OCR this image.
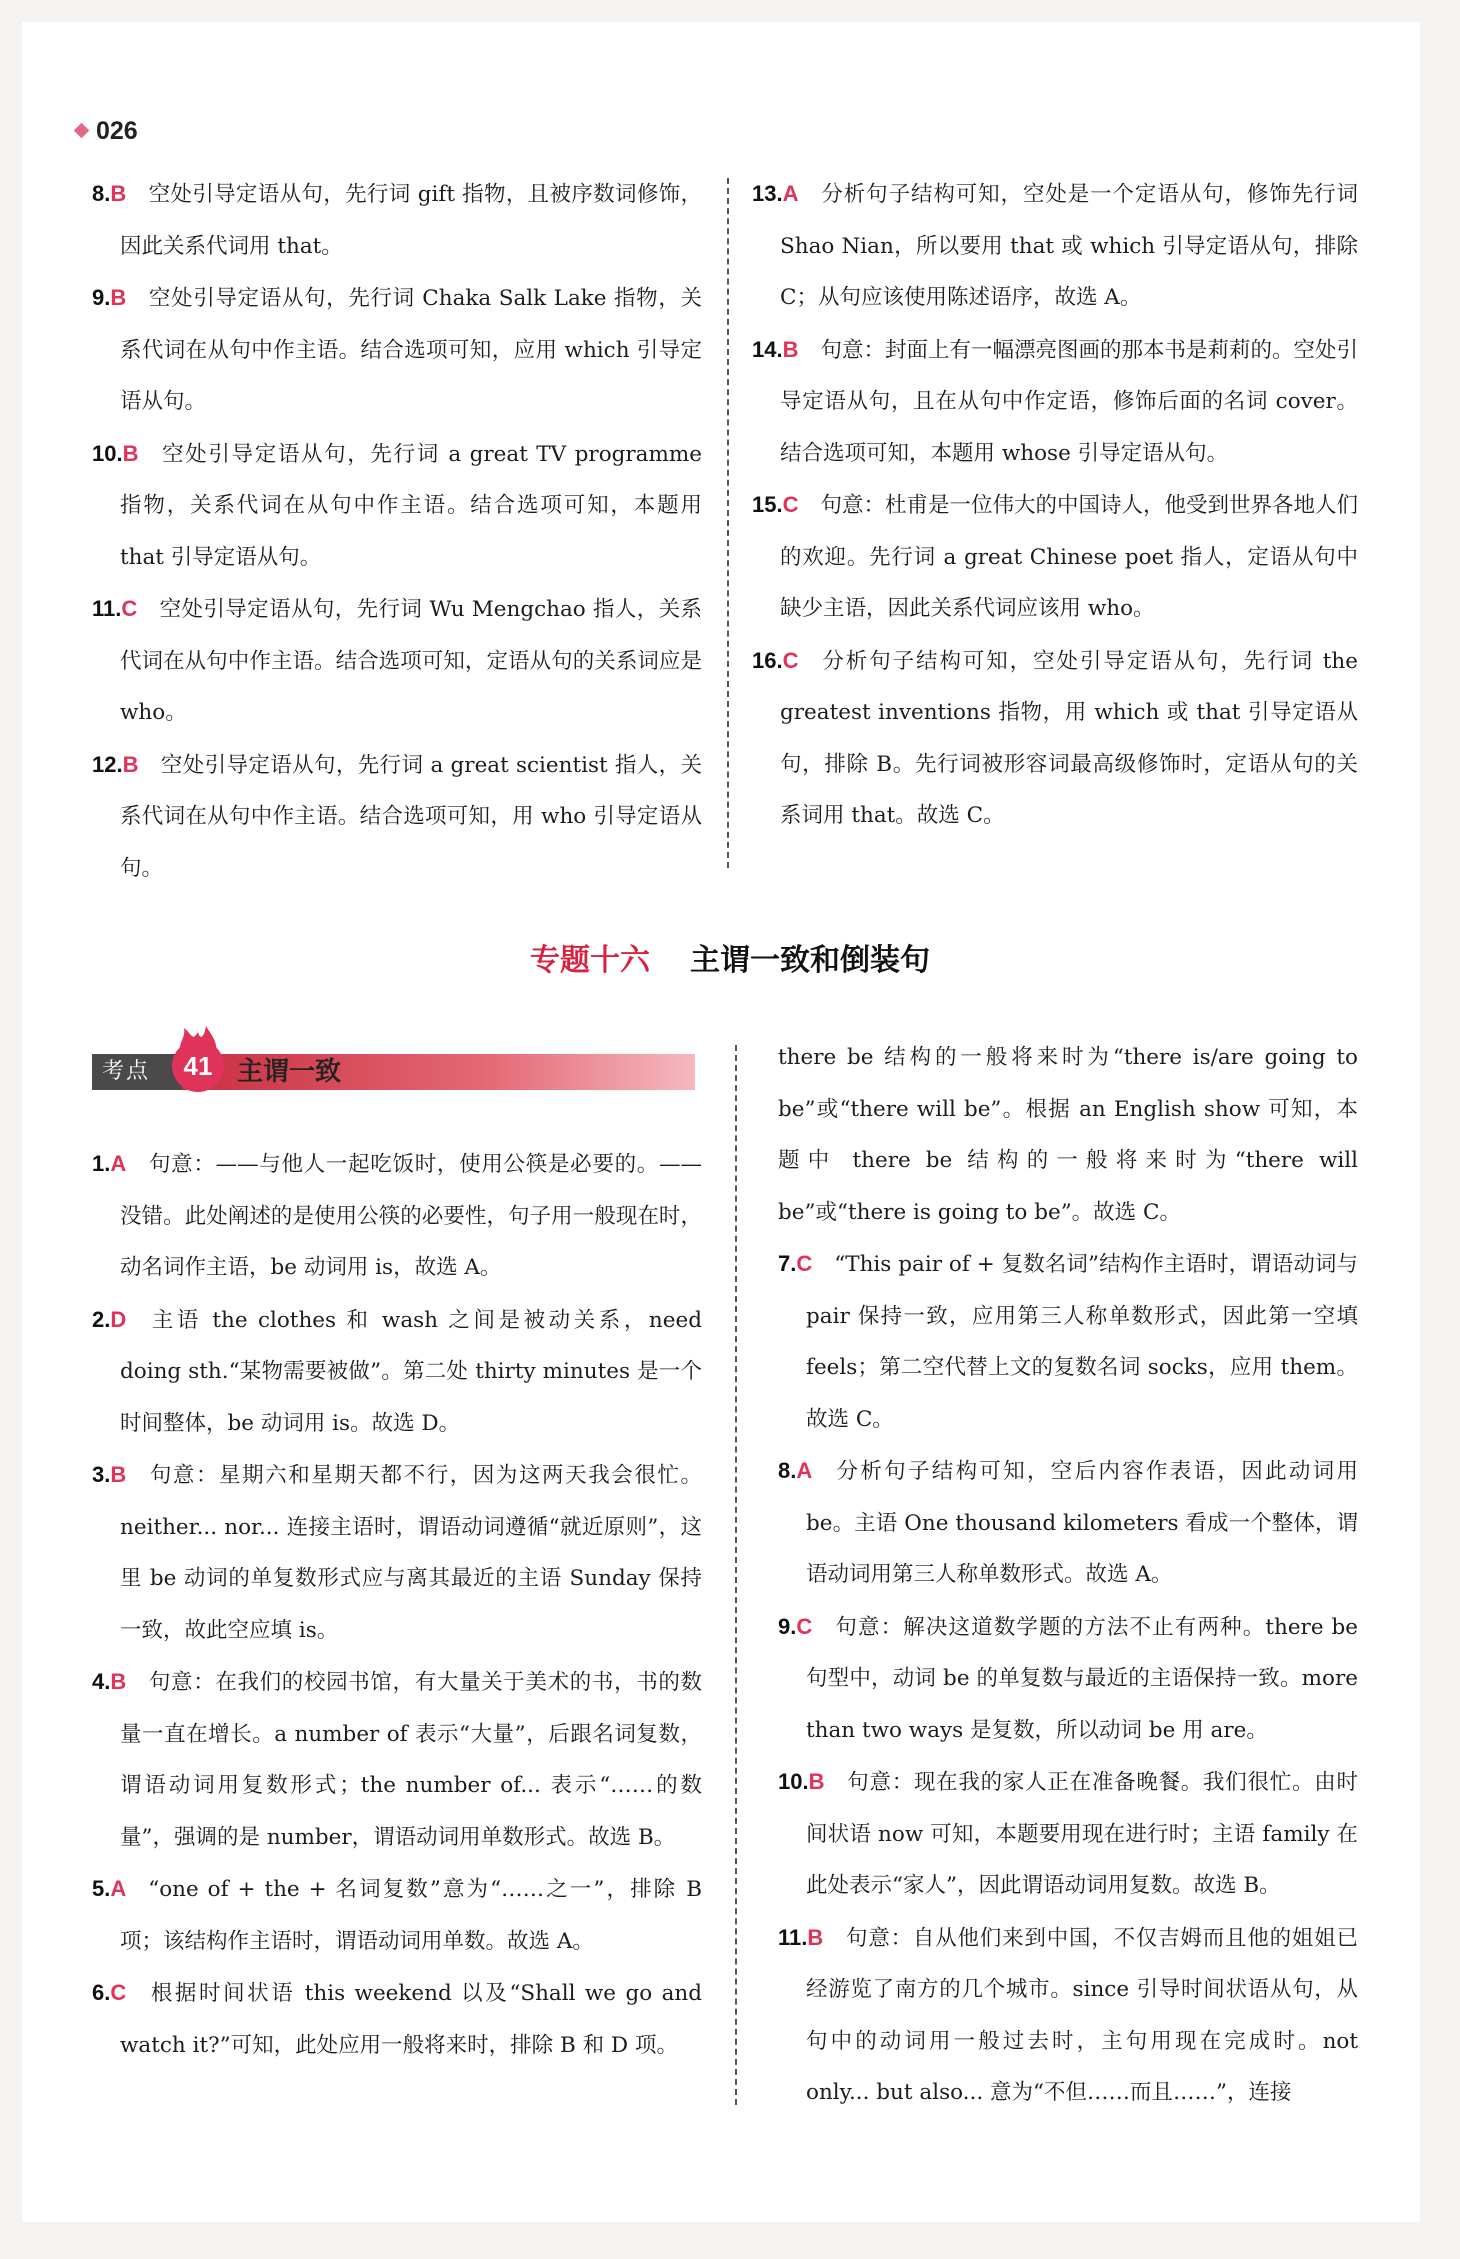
026

8.B 空处引导定语从句，先行词 gift 指物，且被序数词修饰，因此关系代词用 that。

9.B 空处引导定语从句，先行词 Chaka Salk Lake 指物，关系代词在从句中作主语。结合选项可知，应用 which 引导定语从句。

10.B 空处引导定语从句，先行词 a great TV programme 指物，关系代词在从句中作主语。结合选项可知，本题用 that 引导定语从句。

11.C 空处引导定语从句，先行词 Wu Mengchao 指人，关系代词在从句中作主语。结合选项可知，定语从句的关系词应是 who。

12.B 空处引导定语从句，先行词 a great scientist 指人，关系代词在从句中作主语。结合选项可知，用 who 引导定语从句。

13.A 分析句子结构可知，空处是一个定语从句，修饰先行词 Shao Nian，所以要用 that 或 which 引导定语从句，排除 C；从句应该使用陈述语序，故选 A。

14.B 句意：封面上有一幅漂亮图画的那本书是莉莉的。空处引导定语从句，且在从句中作定语，修饰后面的名词 cover。结合选项可知，本题用 whose 引导定语从句。

15.C 句意：杜甫是一位伟大的中国诗人，他受到世界各地人们的欢迎。先行词 a great Chinese poet 指人，定语从句中缺少主语，因此关系代词应该用 who。

16.C 分析句子结构可知，空处引导定语从句，先行词 the greatest inventions 指物，用 which 或 that 引导定语从句，排除 B。先行词被形容词最高级修饰时，定语从句的关系词用 that。故选 C。

专题十六 主谓一致和倒装句
考点	41 主谓一致

1.A 句意：——与他人一起吃饭时，使用公筷是必要的。——没错。此处阐述的是使用公筷的必要性，句子用一般现在时，动名词作主语，be 动词用 is，故选 A。

2.D 主语 the clothes 和 wash 之间是被动关系，need doing sth.“某物需要被做”。第二处 thirty minutes 是一个时间整体，be 动词用 is。故选 D。

3.B 句意：星期六和星期天都不行，因为这两天我会很忙。neither... nor... 连接主语时，谓语动词遵循“就近原则”，这里 be 动词的单复数形式应与离其最近的主语 Sunday 保持一致，故此空应填 is。

4.B 句意：在我们的校园书馆，有大量关于美术的书，书的数量一直在增长。a number of 表示“大量”，后跟名词复数，谓语动词用复数形式；the number of... 表示“……的数量”，强调的是 number，谓语动词用单数形式。故选 B。

5.A “one of + the + 名词复数”意为“……之一”，排除 B 项；该结构作主语时，谓语动词用单数。故选 A。

6.C 根据时间状语 this weekend 以及“Shall we go and watch it?”可知，此处应用一般将来时，排除 B 和 D 项。

there be 结构的一般将来时为“there is/are going to be”或“there will be”。根据 an English show 可知，本题中 there be 结构的一般将来时为“there will be”或“there is going to be”。故选 C。

7.C “This pair of + 复数名词”结构作主语时，谓语动词与 pair 保持一致，应用第三人称单数形式，因此第一空填 feels；第二空代替上文的复数名词 socks，应用 them。故选 C。

8.A 分析句子结构可知，空后内容作表语，因此动词用 be。主语 One thousand kilometers 看成一个整体，谓语动词用第三人称单数形式。故选 A。

9.C 句意：解决这道数学题的方法不止有两种。there be 句型中，动词 be 的单复数与最近的主语保持一致。more than two ways 是复数，所以动词 be 用 are。

10.B 句意：现在我的家人正在准备晚餐。我们很忙。由时间状语 now 可知，本题要用现在进行时；主语 family 在此处表示“家人”，因此谓语动词用复数。故选 B。

11.B 句意：自从他们来到中国，不仅吉姆而且他的姐姐已经游览了南方的几个城市。since 引导时间状语从句，从句中的动词用一般过去时，主句用现在完成时。not only... but also... 意为“不但……而且……”，连接
